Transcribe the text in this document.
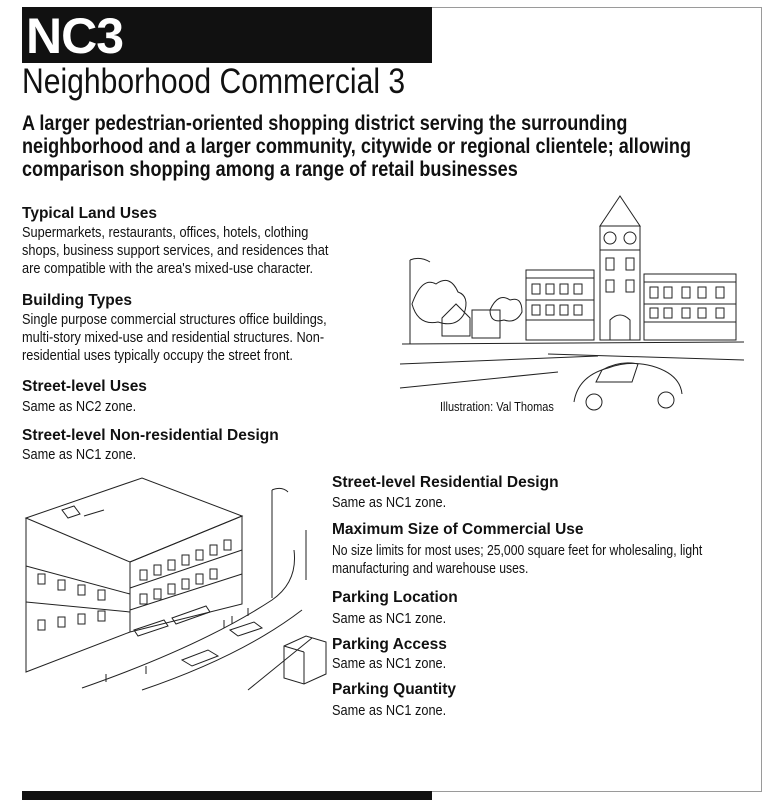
NC3
Neighborhood Commercial 3
A larger pedestrian-oriented shopping district serving the surrounding neighborhood and a larger community, citywide or regional clientele; allowing comparison shopping among a range of retail businesses
Typical Land Uses
Supermarkets, restaurants, offices, hotels, clothing
shops, business support services, and residences that
are compatible with the area's mixed-use character.
Building Types
Single purpose commercial structures office buildings,
multi-story mixed-use and residential structures. Non-
residential uses typically occupy the street front.
Street-level Uses
Same as NC2 zone.
Street-level Non-residential Design
Same as NC1 zone.
Street-level Residential Design
Same as NC1 zone.
Maximum Size of Commercial Use
No size limits for most uses; 25,000 square feet for wholesaling, light
manufacturing and warehouse uses.
Parking Location
Same as NC1 zone.
Parking Access
Same as NC1 zone.
Parking Quantity
Same as NC1 zone.
Illustration: Val Thomas
